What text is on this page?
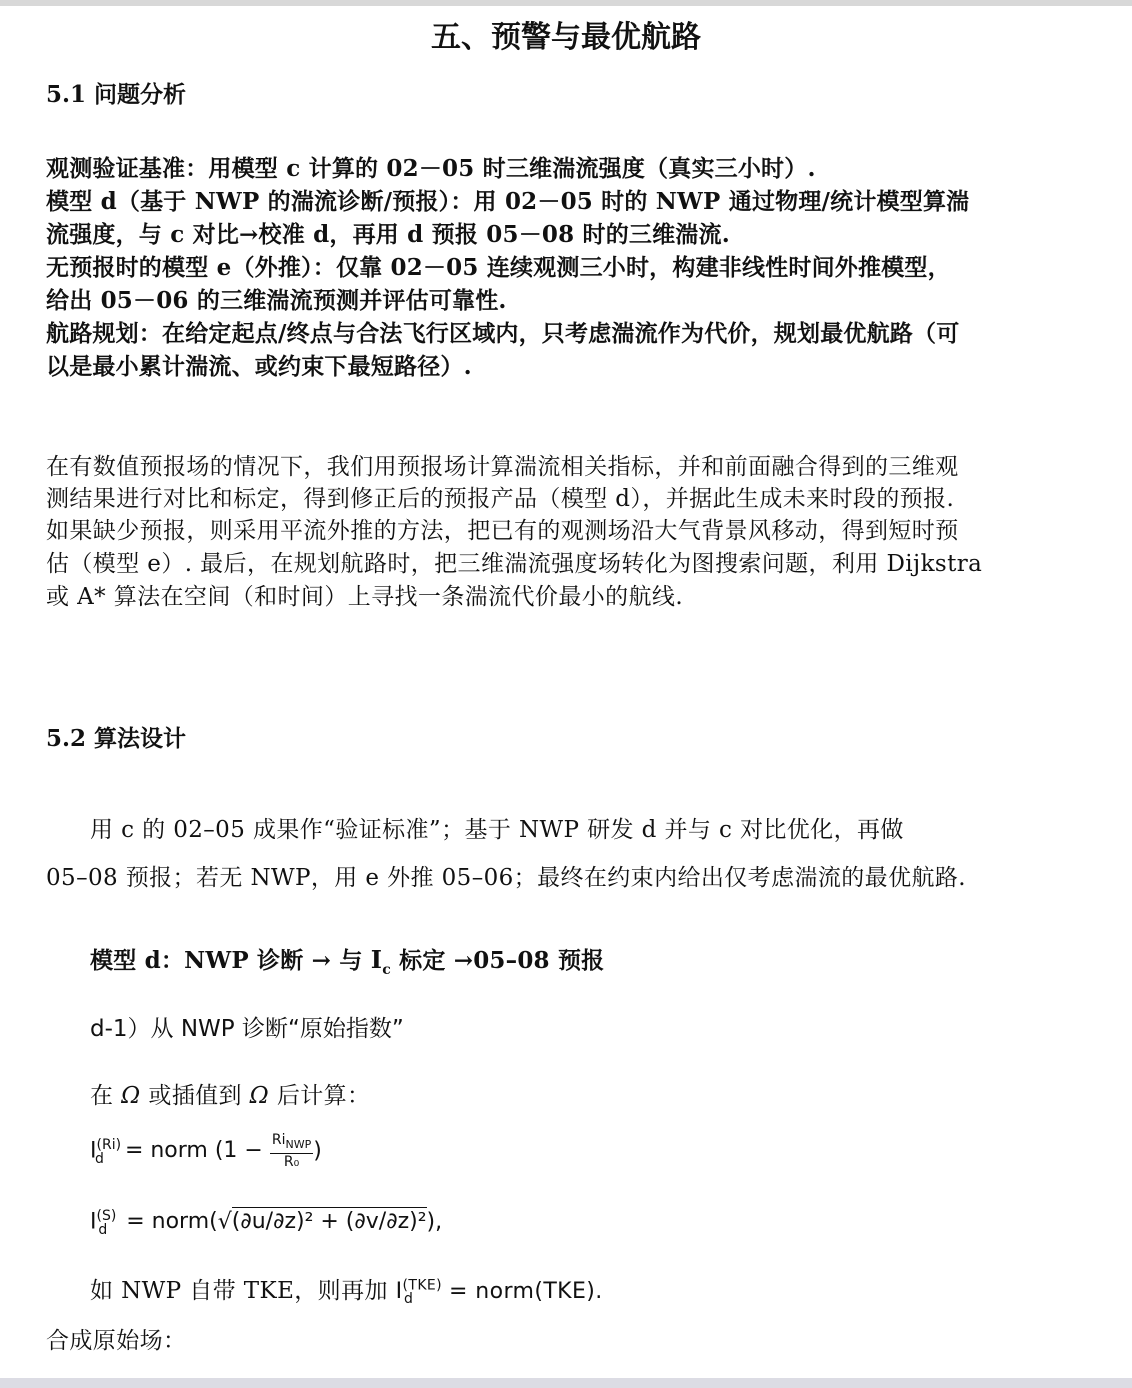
五、预警与最优航路
5.1 问题分析
观测验证基准：用模型 c 计算的 02－05 时三维湍流强度（真实三小时）.
模型 d（基于 NWP 的湍流诊断/预报）：用 02－05 时的 NWP 通过物理/统计模型算湍
流强度，与 c 对比→校准 d，再用 d 预报 05－08 时的三维湍流.
无预报时的模型 e（外推）：仅靠 02－05 连续观测三小时，构建非线性时间外推模型，
给出 05－06 的三维湍流预测并评估可靠性.
航路规划：在给定起点/终点与合法飞行区域内，只考虑湍流作为代价，规划最优航路（可
以是最小累计湍流、或约束下最短路径）.
在有数值预报场的情况下，我们用预报场计算湍流相关指标，并和前面融合得到的三维观
测结果进行对比和标定，得到修正后的预报产品（模型 d），并据此生成未来时段的预报.
如果缺少预报，则采用平流外推的方法，把已有的观测场沿大气背景风移动，得到短时预
估（模型 e）. 最后，在规划航路时，把三维湍流强度场转化为图搜索问题，利用 Dijkstra
或 A* 算法在空间（和时间）上寻找一条湍流代价最小的航线.
5.2 算法设计
用 c 的 02–05 成果作“验证标准”；基于 NWP 研发 d 并与 c 对比优化，再做
05–08 预报；若无 NWP，用 e 外推 05–06；最终在约束内给出仅考虑湍流的最优航路.
模型 d：NWP 诊断 → 与 $I_c$ 标定 →05–08 预报
d-1）从 NWP 诊断“原始指数”
在 Ω 或插值到 Ω 后计算：
$I^{(Ri)}_d$ = norm ($1 - \frac{Ri_{NWP}}{\text{R₀}}$ )
$I^{(S)}_d$ = norm(√(∂u/∂z)² + (∂v/∂z)²),
如 NWP 自带 TKE，则再加 $I^{(TKE)}_d$ = norm(TKE).
合成原始场：
